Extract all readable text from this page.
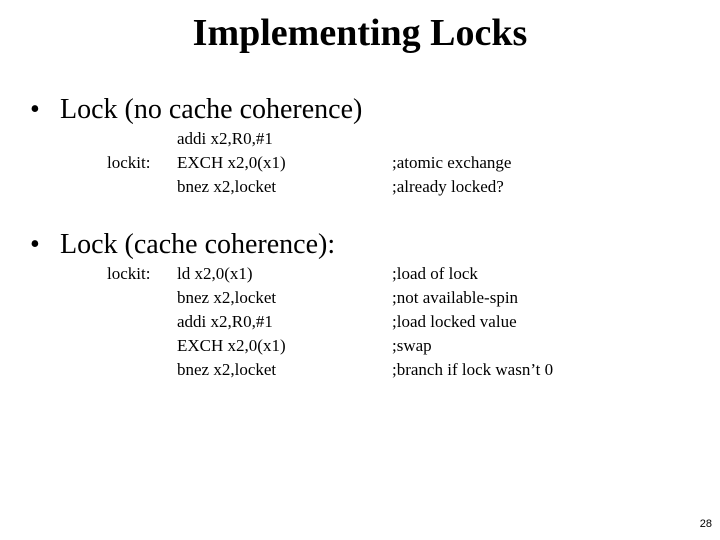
Implementing Locks
• Lock (no cache coherence)
lockit:
addi x2,R0,#1
EXCH x2,0(x1)
bnez x2,locket
;atomic exchange
;already locked?
• Lock (cache coherence):
lockit: ld x2,0(x1)
bnez x2,locket
addi x2,R0,#1
EXCH x2,0(x1)
bnez x2,locket
;load of lock
;not available-spin
;load locked value
;swap
;branch if lock wasn’t 0
28
